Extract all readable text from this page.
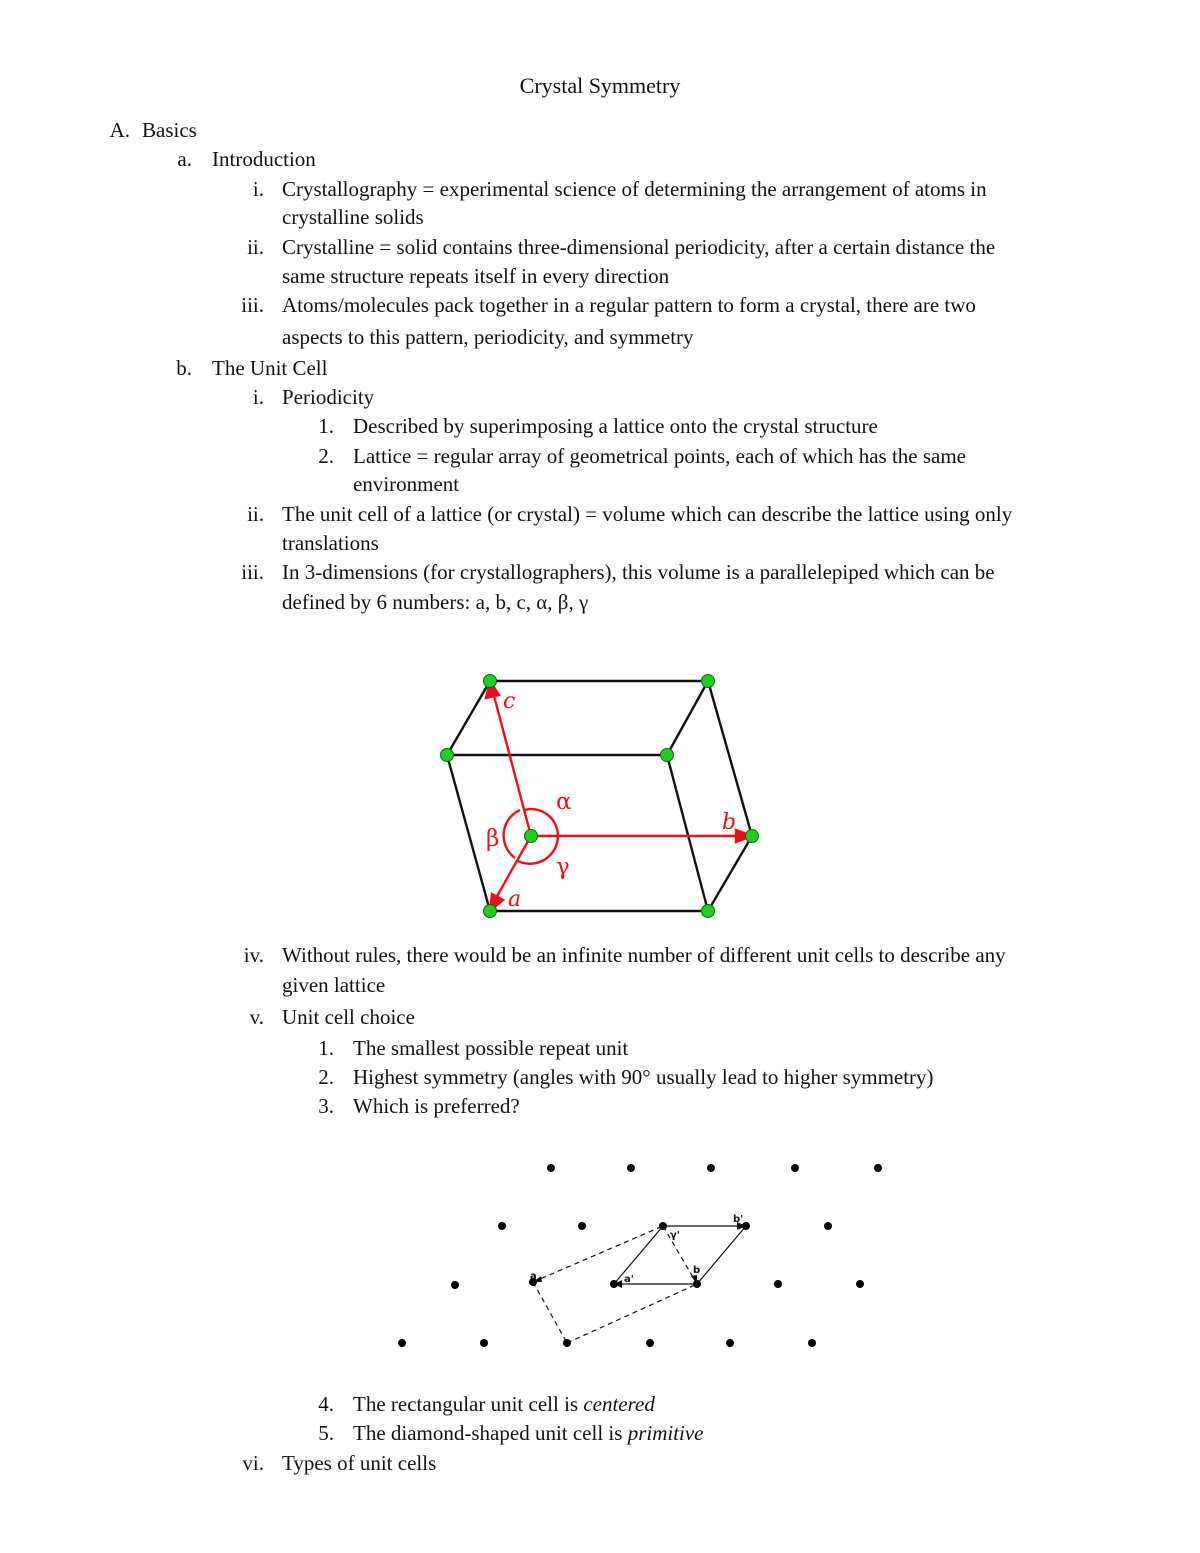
Crystal Symmetry
A. Basics
a. Introduction
i. Crystallography = experimental science of determining the arrangement of atoms in
crystalline solids
ii. Crystalline = solid contains three-dimensional periodicity, after a certain distance the
same structure repeats itself in every direction
iii. Atoms/molecules pack together in a regular pattern to form a crystal, there are two
aspects to this pattern, periodicity, and symmetry
b. The Unit Cell
i. Periodicity
1. Described by superimposing a lattice onto the crystal structure
2. Lattice = regular array of geometrical points, each of which has the same
environment
ii. The unit cell of a lattice (or crystal) = volume which can describe the lattice using only
translations
iii. In 3-dimensions (for crystallographers), this volume is a parallelepiped which can be
defined by 6 numbers: a, b, c, α, β, γ
c
b
a
α
β
γ
iv. Without rules, there would be an infinite number of different unit cells to describe any
given lattice
v. Unit cell choice
1. The smallest possible repeat unit
2. Highest symmetry (angles with 90° usually lead to higher symmetry)
3. Which is preferred?
b'
a'
a
b
γ'
4. The rectangular unit cell is centered
5. The diamond-shaped unit cell is primitive
vi. Types of unit cells
